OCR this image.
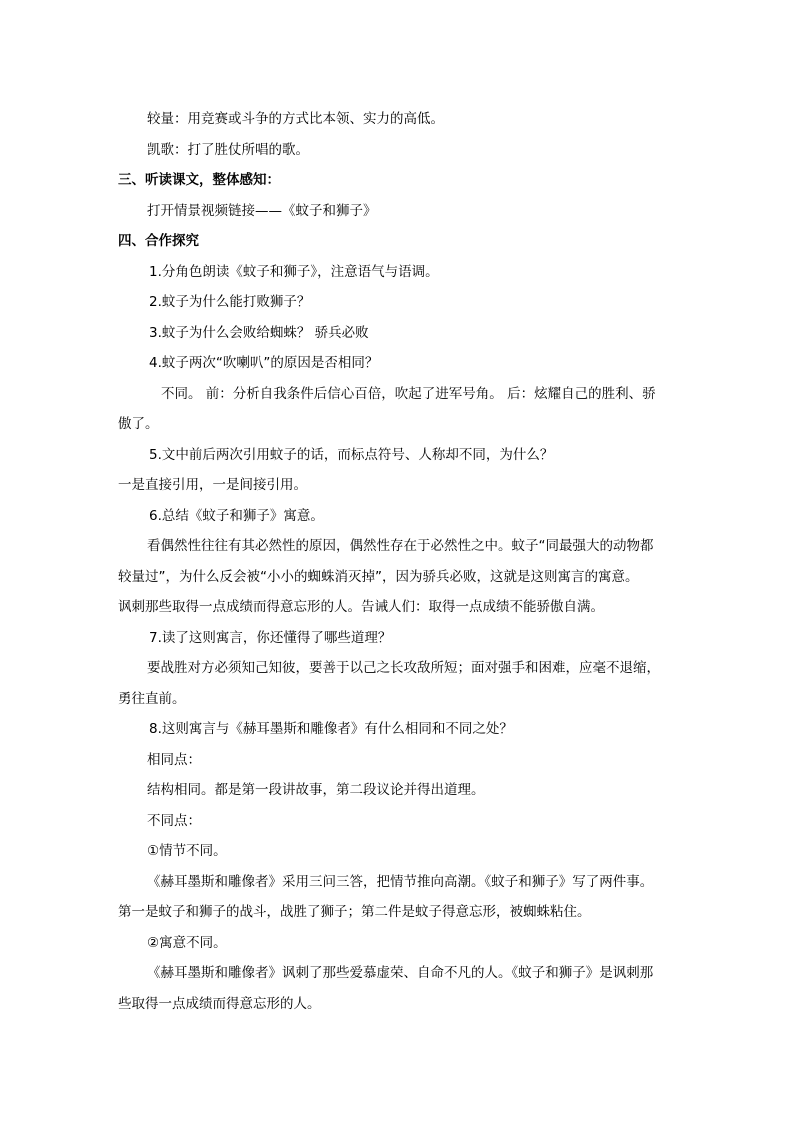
较量：用竞赛或斗争的方式比本领、实力的高低。
凯歌：打了胜仗所唱的歌。
三、听读课文，整体感知：
打开情景视频链接——《蚊子和狮子》
四、合作探究
1.分角色朗读《蚊子和狮子》，注意语气与语调。
2.蚊子为什么能打败狮子？
3.蚊子为什么会败给蜘蛛？ 骄兵必败
4.蚊子两次“吹喇叭”的原因是否相同？
不同。 前：分析自我条件后信心百倍，吹起了进军号角。 后：炫耀自己的胜利、骄
傲了。
5.文中前后两次引用蚊子的话，而标点符号、人称却不同，为什么？
一是直接引用，一是间接引用。
6.总结《蚊子和狮子》寓意。
看偶然性往往有其必然性的原因，偶然性存在于必然性之中。蚊子“同最强大的动物都
较量过”，为什么反会被“小小的蜘蛛消灭掉”，因为骄兵必败，这就是这则寓言的寓意。
讽刺那些取得一点成绩而得意忘形的人。告诫人们：取得一点成绩不能骄傲自满。
7.读了这则寓言，你还懂得了哪些道理？
要战胜对方必须知己知彼，要善于以己之长攻敌所短；面对强手和困难，应毫不退缩，
勇往直前。
8.这则寓言与《赫耳墨斯和雕像者》有什么相同和不同之处？
相同点：
结构相同。都是第一段讲故事，第二段议论并得出道理。
不同点：
①情节不同。
《赫耳墨斯和雕像者》采用三问三答，把情节推向高潮。《蚊子和狮子》写了两件事。
第一是蚊子和狮子的战斗，战胜了狮子；第二件是蚊子得意忘形，被蜘蛛粘住。
②寓意不同。
《赫耳墨斯和雕像者》讽刺了那些爱慕虚荣、自命不凡的人。《蚊子和狮子》是讽刺那
些取得一点成绩而得意忘形的人。
